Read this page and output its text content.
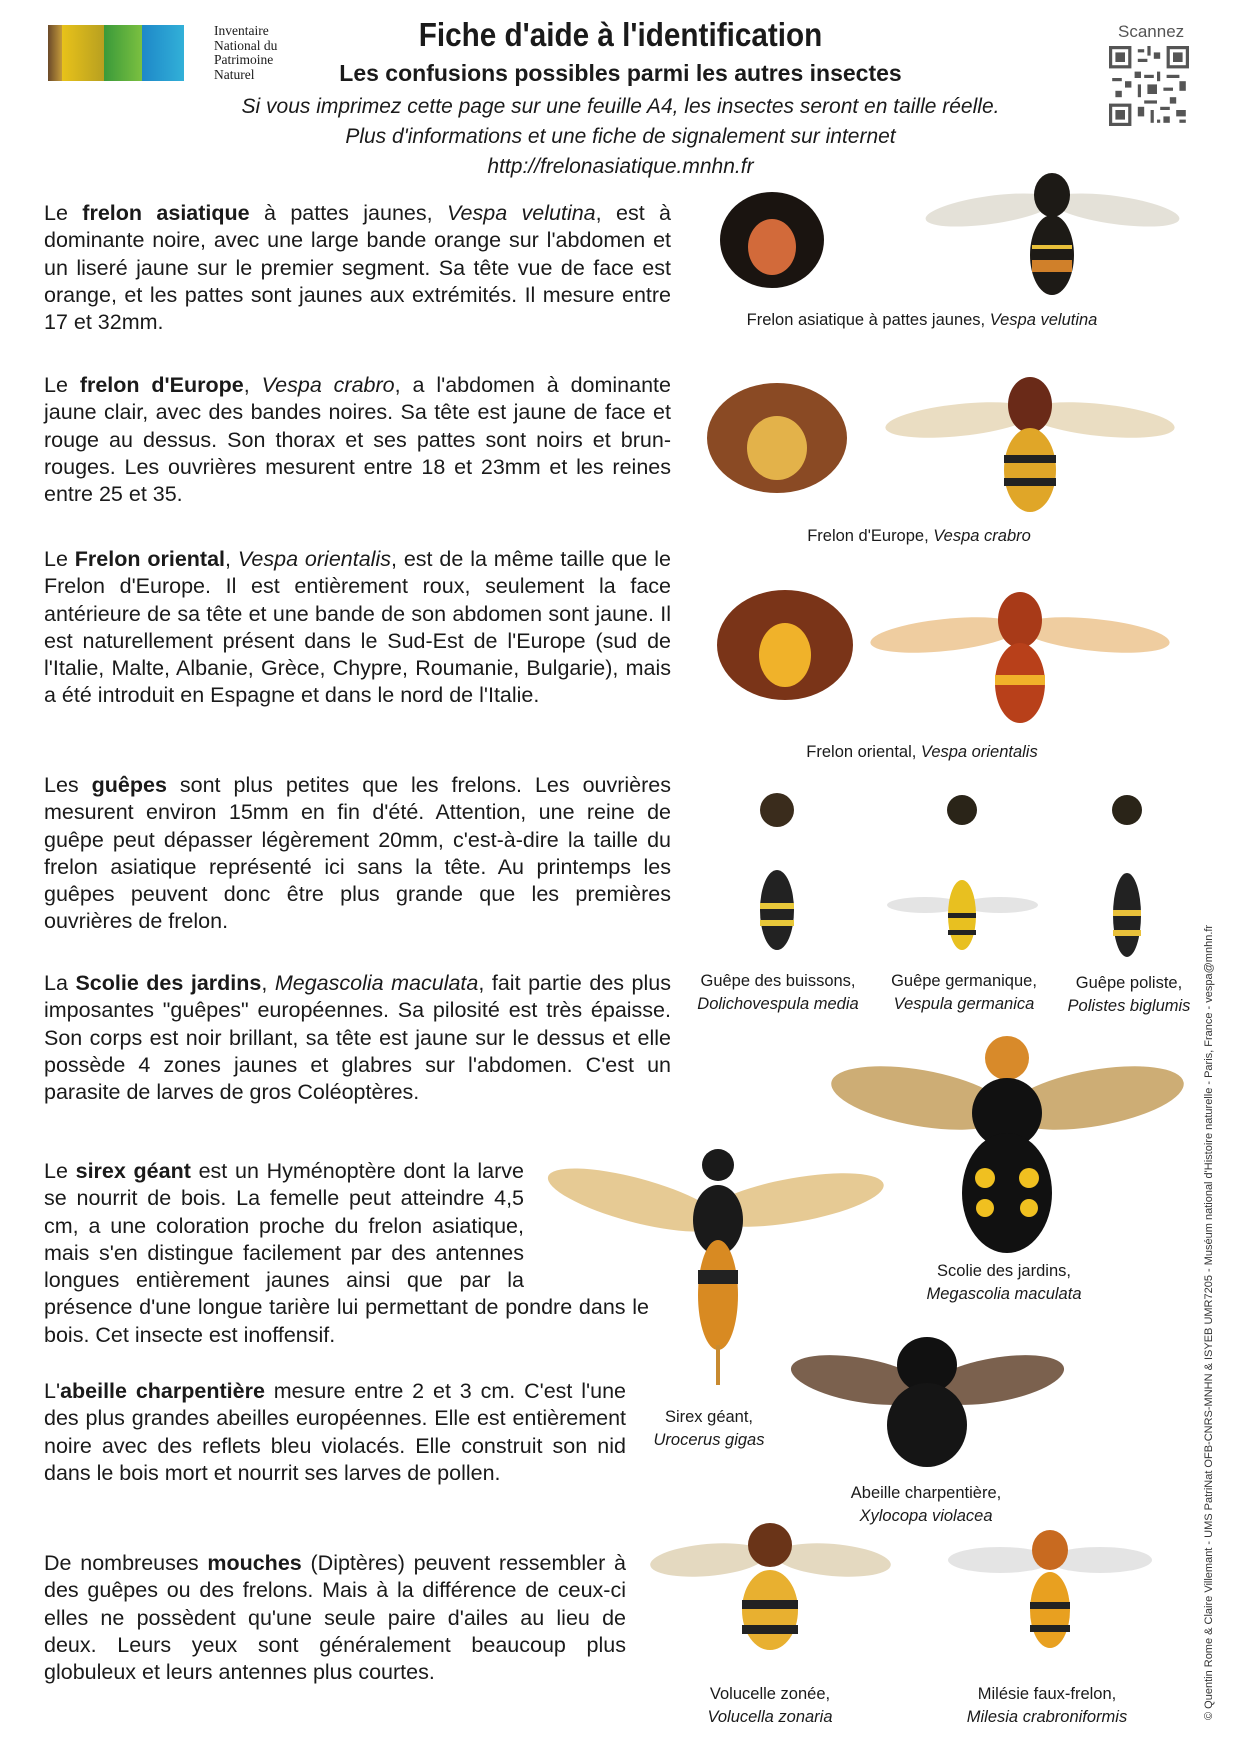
Inventaire
National du
Patrimoine
Naturel
Fiche d'aide à l'identification
Les confusions possibles parmi les autres insectes
Si vous imprimez cette page sur une feuille A4, les insectes seront en taille réelle.
Plus d'informations et une fiche de signalement sur internet
http://frelonasiatique.mnhn.fr
Scannez
Le frelon asiatique à pattes jaunes, Vespa velutina, est à dominante noire, avec une large bande orange sur l'abdomen et un liseré jaune sur le premier segment. Sa tête vue de face est orange, et les pattes sont jaunes aux extrémités. Il mesure entre 17 et 32mm.
Le frelon d'Europe, Vespa crabro, a l'abdomen à dominante jaune clair, avec des bandes noires. Sa tête est jaune de face et rouge au dessus. Son thorax et ses pattes sont noirs et brun-rouges. Les ouvrières mesurent entre 18 et 23mm et les reines entre 25 et 35.
Le Frelon oriental, Vespa orientalis, est de la même taille que le Frelon d'Europe. Il est entièrement roux, seulement la face antérieure de sa tête et une bande de son abdomen sont jaune. Il est naturellement présent dans le Sud-Est de l'Europe (sud de l'Italie, Malte, Albanie, Grèce, Chypre, Roumanie, Bulgarie), mais a été introduit en Espagne et dans le nord de l'Italie.
Les guêpes sont plus petites que les frelons. Les ouvrières mesurent environ 15mm en fin d'été. Attention, une reine de guêpe peut dépasser légèrement 20mm, c'est-à-dire la taille du frelon asiatique représenté ici sans la tête. Au printemps les guêpes peuvent donc être plus grande que les premières ouvrières de frelon.
La Scolie des jardins, Megascolia maculata, fait partie des plus imposantes "guêpes" européennes. Sa pilosité est très épaisse. Son corps est noir brillant, sa tête est jaune sur le dessus et elle possède 4 zones jaunes et glabres sur l'abdomen. C'est un parasite de larves de gros Coléoptères.
Le sirex géant est un Hyménoptère dont la larve se nourrit de bois. La femelle peut atteindre 4,5 cm, a une coloration proche du frelon asiatique, mais s'en distingue facilement par des antennes longues entièrement jaunes ainsi que par la présence d'une longue tarière lui permettant de pondre dans le bois. Cet insecte est inoffensif.
L'abeille charpentière mesure entre 2 et 3 cm. C'est l'une des plus grandes abeilles européennes. Elle est entièrement noire avec des reflets bleu violacés. Elle construit son nid dans le bois mort et nourrit ses larves de pollen.
De nombreuses mouches (Diptères) peuvent ressembler à des guêpes ou des frelons. Mais à la différence de ceux-ci elles ne possèdent qu'une seule paire d'ailes au lieu de deux. Leurs yeux sont généralement beaucoup plus globuleux et leurs antennes plus courtes.
Frelon asiatique à pattes jaunes, Vespa velutina
Frelon d'Europe, Vespa crabro
Frelon oriental, Vespa orientalis
Guêpe des buissons,
Dolichovespula media
Guêpe germanique,
Vespula germanica
Guêpe poliste,
Polistes biglumis
Scolie des jardins,
Megascolia maculata
Sirex géant,
Urocerus gigas
Abeille charpentière,
Xylocopa violacea
Volucelle zonée,
Volucella zonaria
Milésie faux-frelon,
Milesia crabroniformis	© Quentin Rome & Claire Villemant - UMS PatriNat OFB-CNRS-MNHN & ISYEB UMR7205 - Muséum national d'Histoire naturelle - Paris, France - vespa@mnhn.fr
